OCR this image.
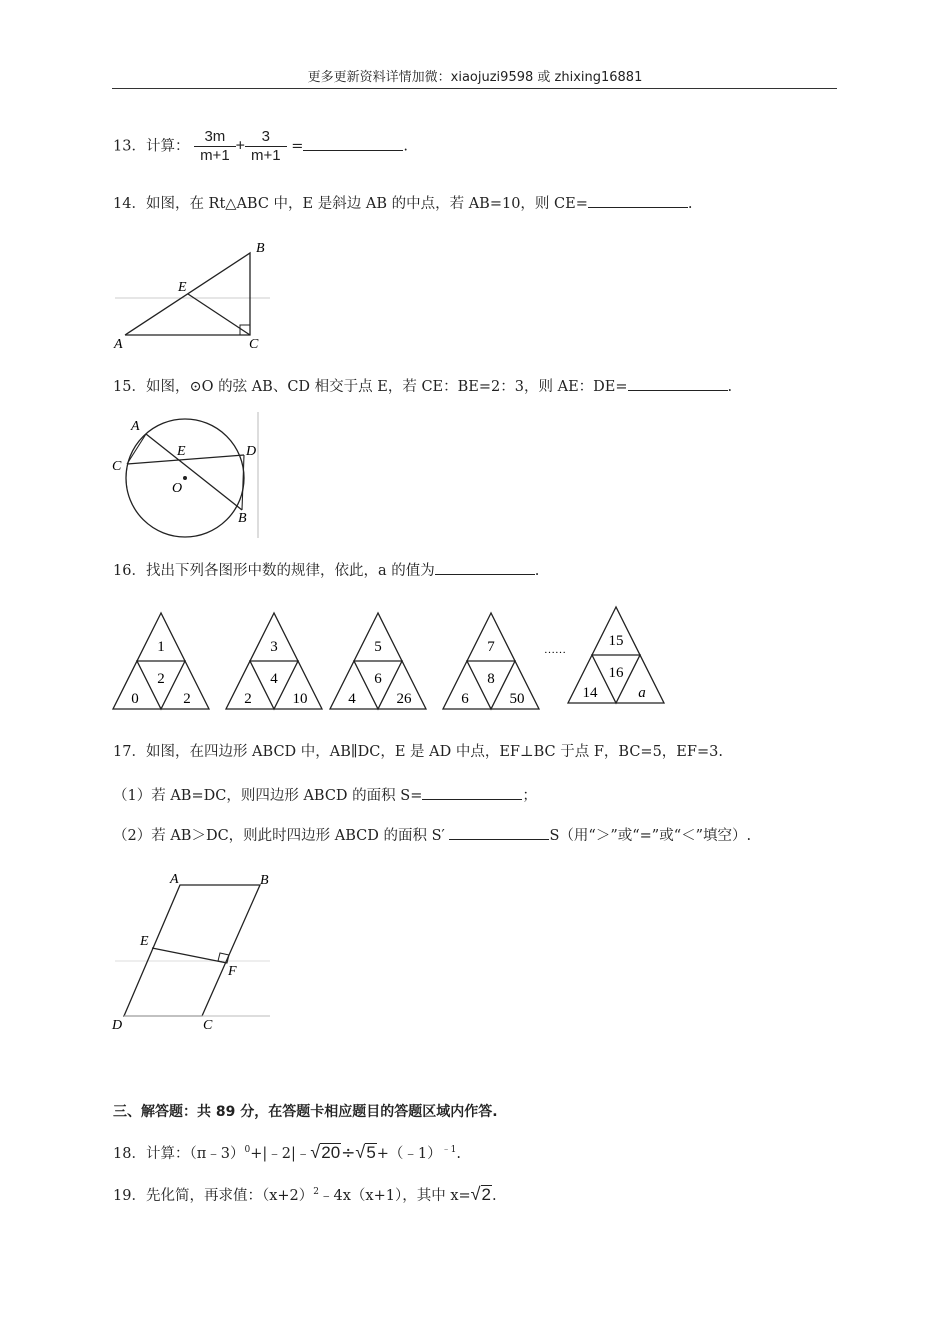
更多更新资料详情加微：xiaojuzi9598 或 zhixing16881
13．计算： $\frac{3m}{m+1} + \frac{3}{m+1}$ =	.
14．如图，在 Rt△ABC 中，E 是斜边 AB 的中点，若 AB=10，则 CE=	.
A
B
C
E
15．如图，⊙O 的弦 AB、CD 相交于点 E，若 CE：BE=2：3，则 AE：DE=	.
A
B
C
D
E
O
16．找出下列各图形中数的规律，依此，a 的值为	.
1
2
0	2
3
4
2	10
5
6
4	26
7
8
6	50
15
16
14	a
……
17．如图，在四边形 ABCD 中，AB∥DC，E 是 AD 中点，EF⊥BC 于点 F，BC=5，EF=3.
（1）若 AB=DC，则四边形 ABCD 的面积 S=	；
（2）若 AB＞DC，则此时四边形 ABCD 的面积 S′	S（用“＞”或“=”或“＜”填空）.
A	B
C
D
E
F
三、解答题：共 89 分，在答题卡相应题目的答题区域内作答.
18．计算：（π﹣3）$^0$+|﹣2|﹣√20÷√5+（﹣1）$^{﹣1}$.
19．先化简，再求值：$(x+2)^2﹣4x(x+1)$，其中 x=√2.
